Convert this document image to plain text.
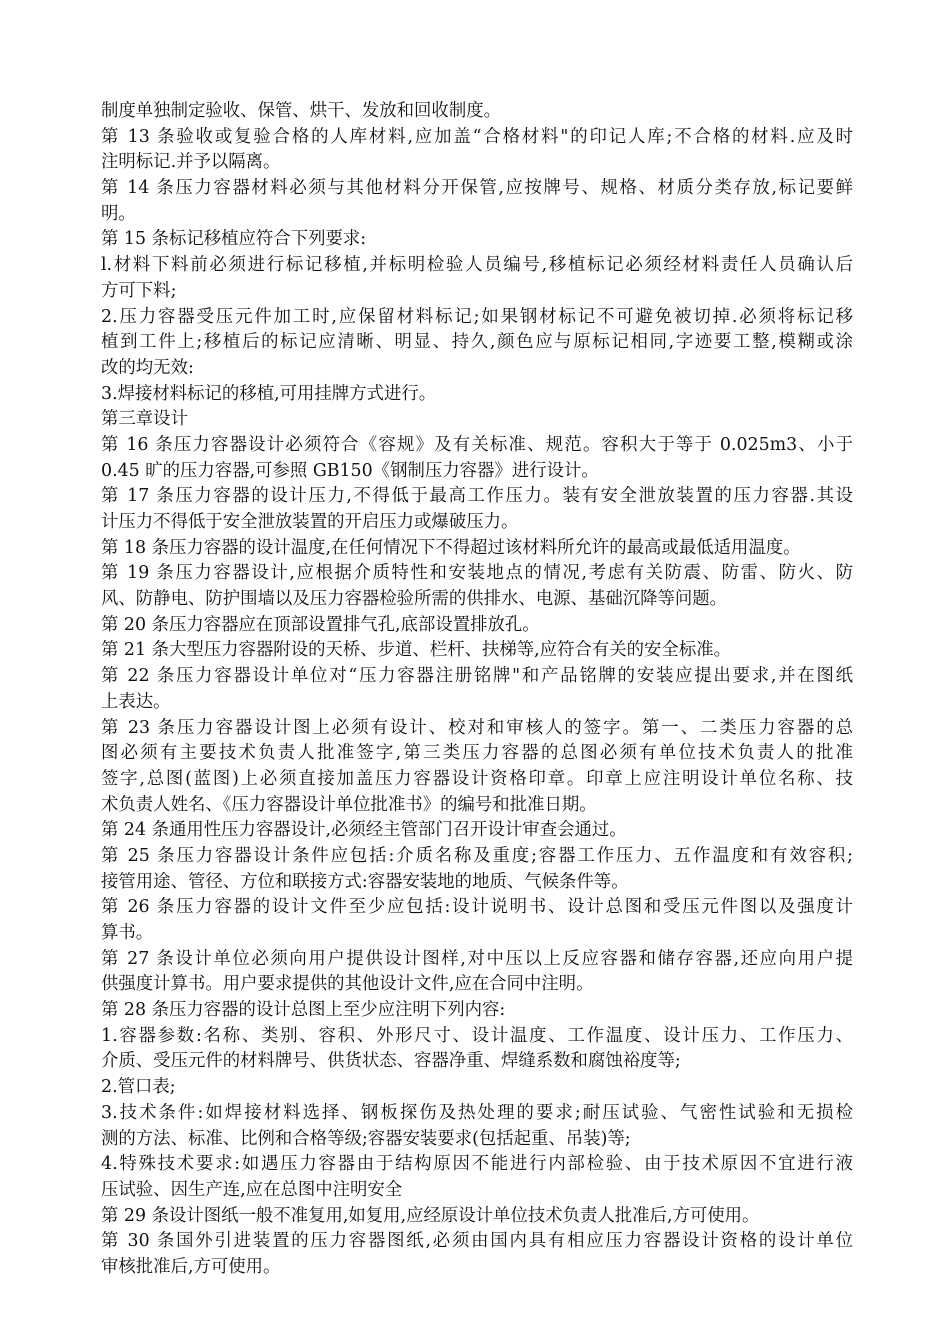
制度单独制定验收、保管、烘干、发放和回收制度。
第 13 条验收或复验合格的人库材料,应加盖“合格材料"的印记人库;不合格的材料.应及时
注明标记.并予以隔离。
第 14 条压力容器材料必须与其他材料分开保管,应按牌号、规格、材质分类存放,标记要鲜
明。
第 15 条标记移植应符合下列要求:
l.材料下料前必须进行标记移植,并标明检验人员编号,移植标记必须经材料责任人员确认后
方可下料;
2.压力容器受压元件加工时,应保留材料标记;如果钢材标记不可避免被切掉.必须将标记移
植到工件上;移植后的标记应清晰、明显、持久,颜色应与原标记相同,字迹要工整,模糊或涂
改的均无效:
3.焊接材料标记的移植,可用挂牌方式进行。
第三章设计
第 16 条压力容器设计必须符合《容规》及有关标准、规范。容积大于等于 0.025m3、小于
0.45 旷的压力容器,可参照 GB150《钢制压力容器》进行设计。
第 17 条压力容器的设计压力,不得低于最高工作压力。装有安全泄放装置的压力容器.其设
计压力不得低于安全泄放装置的开启压力或爆破压力。
第 18 条压力容器的设计温度,在任何情况下不得超过该材料所允许的最高或最低适用温度。
第 19 条压力容器设计,应根据介质特性和安装地点的情况,考虑有关防震、防雷、防火、防
风、防静电、防护围墙以及压力容器检验所需的供排水、电源、基础沉降等问题。
第 20 条压力容器应在顶部设置排气孔,底部设置排放孔。
第 21 条大型压力容器附设的天桥、步道、栏杆、扶梯等,应符合有关的安全标准。
第 22 条压力容器设计单位对“压力容器注册铭牌"和产品铭牌的安装应提出要求,并在图纸
上表达。
第 23 条压力容器设计图上必须有设计、校对和审核人的签字。第一、二类压力容器的总
图必须有主要技术负责人批准签字,第三类压力容器的总图必须有单位技术负责人的批准
签字,总图(蓝图)上必须直接加盖压力容器设计资格印章。印章上应注明设计单位名称、技
术负责人姓名、《压力容器设计单位批准书》的编号和批准日期。
第 24 条通用性压力容器设计,必须经主管部门召开设计审查会通过。
第 25 条压力容器设计条件应包括:介质名称及重度;容器工作压力、五作温度和有效容积;
接管用途、管径、方位和联接方式:容器安装地的地质、气候条件等。
第 26 条压力容器的设计文件至少应包括:设计说明书、设计总图和受压元件图以及强度计
算书。
第 27 条设计单位必须向用户提供设计图样,对中压以上反应容器和储存容器,还应向用户提
供强度计算书。用户要求提供的其他设计文件,应在合同中注明。
第 28 条压力容器的设计总图上至少应注明下列内容:
1.容器参数:名称、类别、容积、外形尺寸、设计温度、工作温度、设计压力、工作压力、
介质、受压元件的材料牌号、供货状态、容器净重、焊缝系数和腐蚀裕度等;
2.管口表;
3.技术条件:如焊接材料选择、钢板探伤及热处理的要求;耐压试验、气密性试验和无损检
测的方法、标准、比例和合格等级;容器安装要求(包括起重、吊装)等;
4.特殊技术要求:如遇压力容器由于结构原因不能进行内部检验、由于技术原因不宜进行液
压试验、因生产连,应在总图中注明安全
第 29 条设计图纸一般不准复用,如复用,应经原设计单位技术负责人批准后,方可使用。
第 30 条国外引进装置的压力容器图纸,必须由国内具有相应压力容器设计资格的设计单位
审核批准后,方可使用。
